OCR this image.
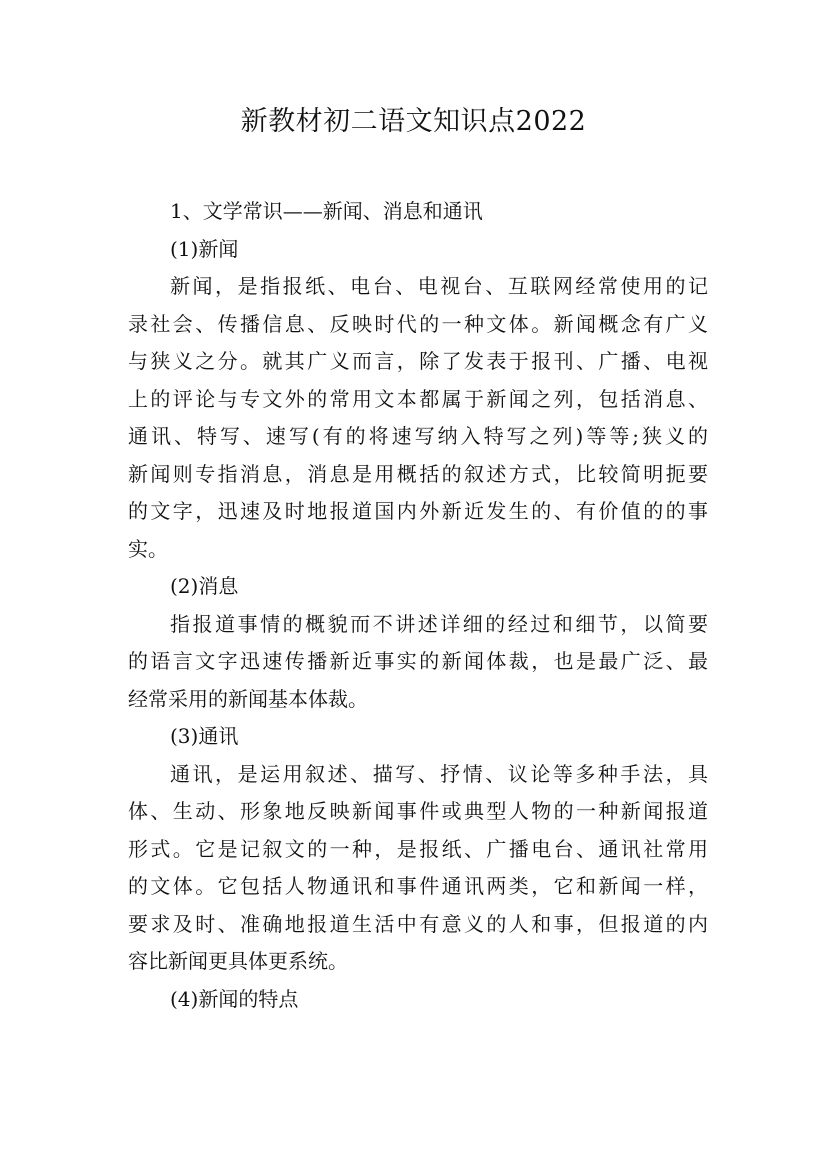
新教材初二语文知识点2022
1、文学常识——新闻、消息和通讯
(1)新闻
新闻，是指报纸、电台、电视台、互联网经常使用的记
录社会、传播信息、反映时代的一种文体。新闻概念有广义
与狭义之分。就其广义而言，除了发表于报刊、广播、电视
上的评论与专文外的常用文本都属于新闻之列，包括消息、
通讯、特写、速写(有的将速写纳入特写之列)等等;狭义的
新闻则专指消息，消息是用概括的叙述方式，比较简明扼要
的文字，迅速及时地报道国内外新近发生的、有价值的的事
实。
(2)消息
指报道事情的概貌而不讲述详细的经过和细节，以简要
的语言文字迅速传播新近事实的新闻体裁，也是最广泛、最
经常采用的新闻基本体裁。
(3)通讯
通讯，是运用叙述、描写、抒情、议论等多种手法，具
体、生动、形象地反映新闻事件或典型人物的一种新闻报道
形式。它是记叙文的一种，是报纸、广播电台、通讯社常用
的文体。它包括人物通讯和事件通讯两类，它和新闻一样，
要求及时、准确地报道生活中有意义的人和事，但报道的内
容比新闻更具体更系统。
(4)新闻的特点
